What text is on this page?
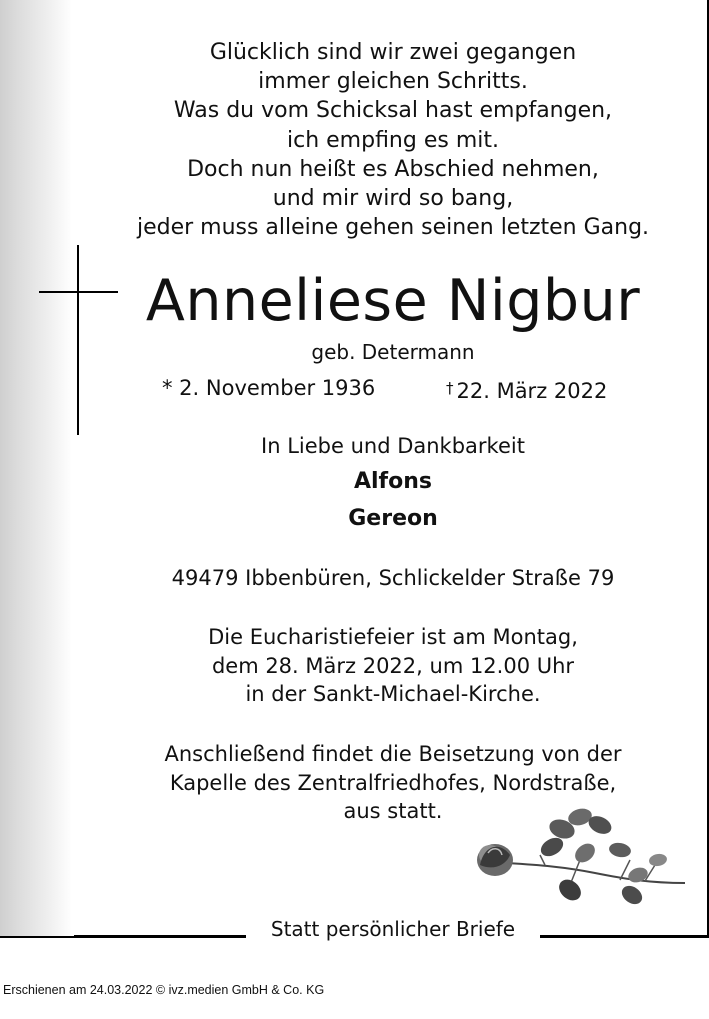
Glücklich sind wir zwei gegangen
immer gleichen Schritts.
Was du vom Schicksal hast empfangen,
ich empfing es mit.
Doch nun heißt es Abschied nehmen,
und mir wird so bang,
jeder muss alleine gehen seinen letzten Gang.
Anneliese Nigbur
geb. Determann
* 2. November 1936	† 22. März 2022
In Liebe und Dankbarkeit
Alfons
Gereon
49479 Ibbenbüren, Schlickelder Straße 79
Die Eucharistiefeier ist am Montag,
dem 28. März 2022, um 12.00 Uhr
in der Sankt-Michael-Kirche.
Anschließend findet die Beisetzung von der
Kapelle des Zentralfriedhofes, Nordstraße,
aus statt.
Statt persönlicher Briefe
Erschienen am 24.03.2022 © ivz.medien GmbH & Co. KG
